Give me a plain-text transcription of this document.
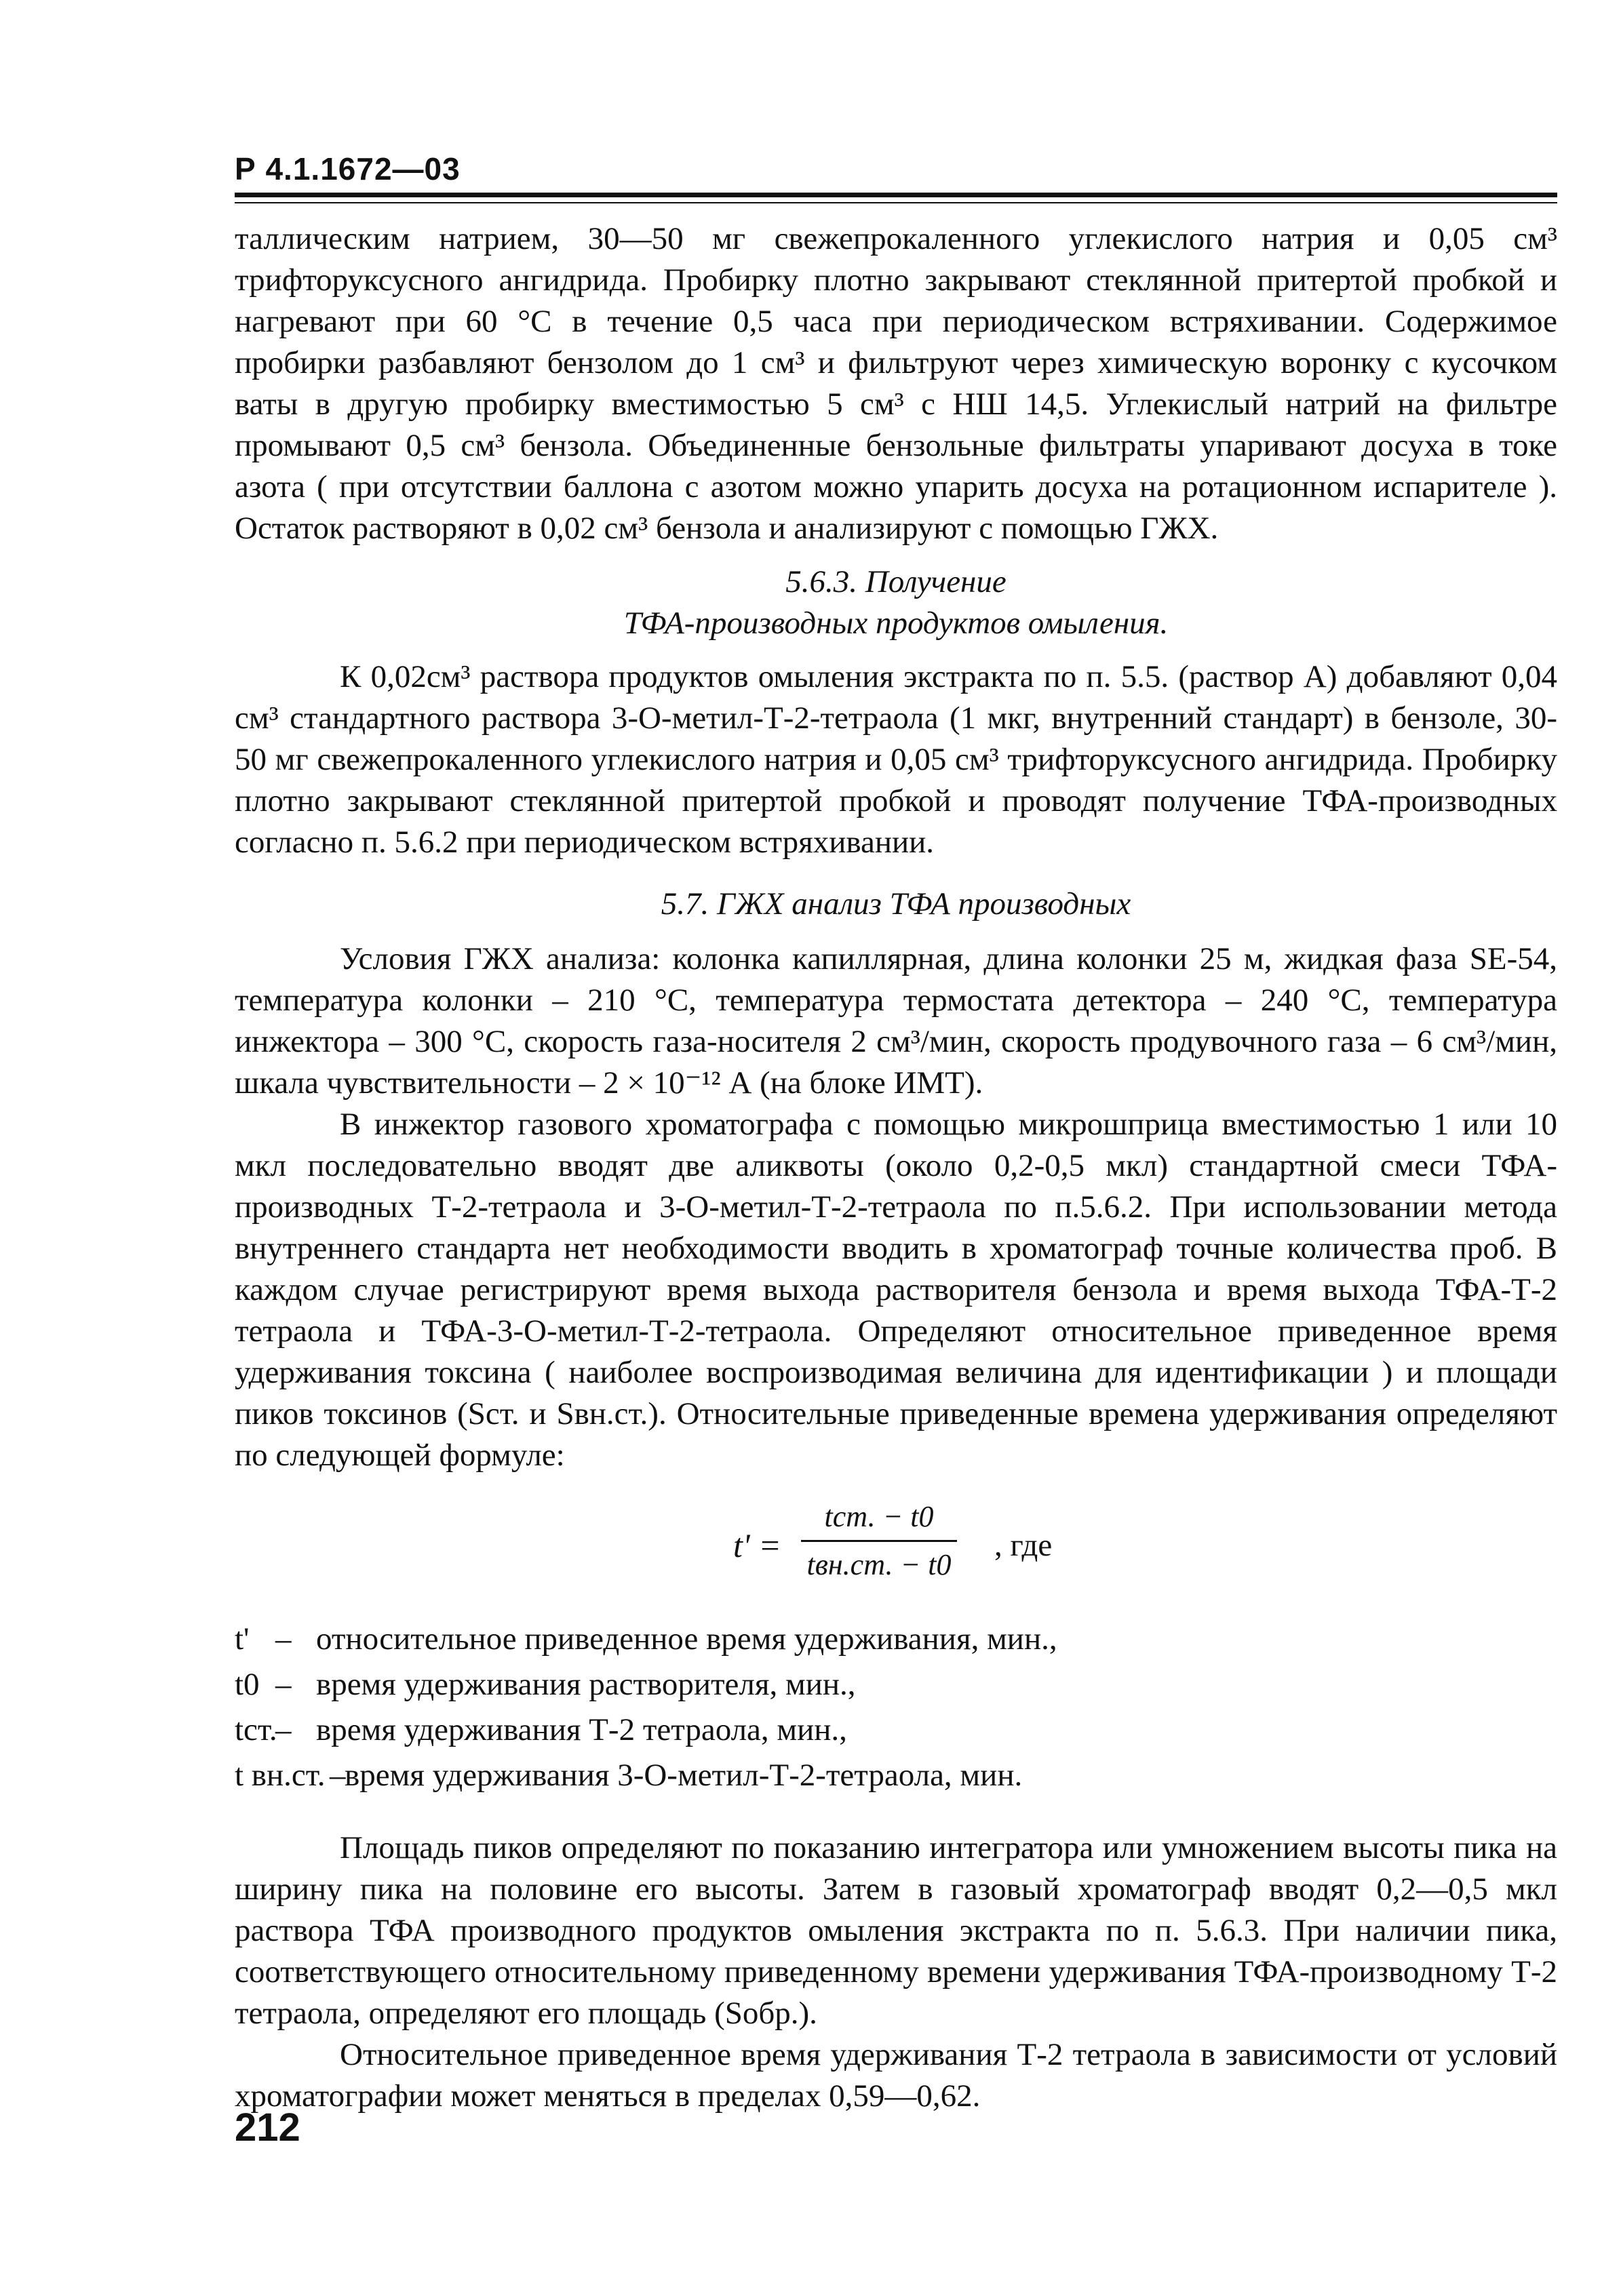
Р 4.1.1672—03

таллическим натрием, 30—50 мг свежепрокаленного углекислого натрия и 0,05 см³ трифторуксусного ангидрида. Пробирку плотно закрывают стеклянной притертой пробкой и нагревают при 60 °С в течение 0,5 часа при периодическом встряхивании. Содержимое пробирки разбавляют бензолом до 1 см³ и фильтруют через химическую воронку с кусочком ваты в другую пробирку вместимостью 5 см³ с НШ 14,5. Углекислый натрий на фильтре промывают 0,5 см³ бензола. Объединенные бензольные фильтраты упаривают досуха в токе азота ( при отсутствии баллона с азотом можно упарить досуха на ротационном испарителе ). Остаток растворяют в 0,02 см³ бензола и анализируют с помощью ГЖХ.

5.6.3. Получение

ТФА-производных продуктов омыления.

К 0,02см³ раствора продуктов омыления экстракта по п. 5.5. (раствор А) добавляют 0,04 см³ стандартного раствора 3-О-метил-Т-2-тетраола (1 мкг, внутренний стандарт) в бензоле, 30-50 мг свежепрокаленного углекислого натрия и 0,05 см³ трифторуксусного ангидрида. Пробирку плотно закрывают стеклянной притертой пробкой и проводят получение ТФА-производных согласно п. 5.6.2 при периодическом встряхивании.

5.7. ГЖХ анализ ТФА производных

Условия ГЖХ анализа: колонка капиллярная, длина колонки 25 м, жидкая фаза SE-54, температура колонки – 210 °С, температура термостата детектора – 240 °С, температура инжектора – 300 °С, скорость газа-носителя 2 см³/мин, скорость продувочного газа – 6 см³/мин, шкала чувствительности – 2 × 10⁻¹² А (на блоке ИМТ).

В инжектор газового хроматографа с помощью микрошприца вместимостью 1 или 10 мкл последовательно вводят две аликвоты (около 0,2-0,5 мкл) стандартной смеси ТФА-производных Т-2-тетраола и 3-О-метил-Т-2-тетраола по п.5.6.2. При использовании метода внутреннего стандарта нет необходимости вводить в хроматограф точные количества проб. В каждом случае регистрируют время выхода растворителя бензола и время выхода ТФА-Т-2 тетраола и ТФА-3-О-метил-Т-2-тетраола. Определяют относительное приведенное время удерживания токсина ( наиболее воспроизводимая величина для идентификации ) и площади пиков токсинов (Sст. и Sвн.ст.). Относительные приведенные времена удерживания определяют по следующей формуле:

t' =
tст. − t0
tвн.ст. − t0
, где
t' – относительное приведенное время удерживания, мин.,
t0 – время удерживания растворителя, мин.,
tст.
– время удерживания Т-2 тетраола, мин.,
t вн.ст. –
время удерживания 3-О-метил-Т-2-тетраола, мин.

Площадь пиков определяют по показанию интегратора или умножением высоты пика на ширину пика на половине его высоты. Затем в газовый хроматограф вводят 0,2—0,5 мкл раствора ТФА производного продуктов омыления экстракта по п. 5.6.3. При наличии пика, соответствующего относительному приведенному времени удерживания ТФА-производному Т-2 тетраола, определяют его площадь (Sобр.).

Относительное приведенное время удерживания Т-2 тетраола в зависимости от условий хроматографии может меняться в пределах 0,59—0,62.

212
